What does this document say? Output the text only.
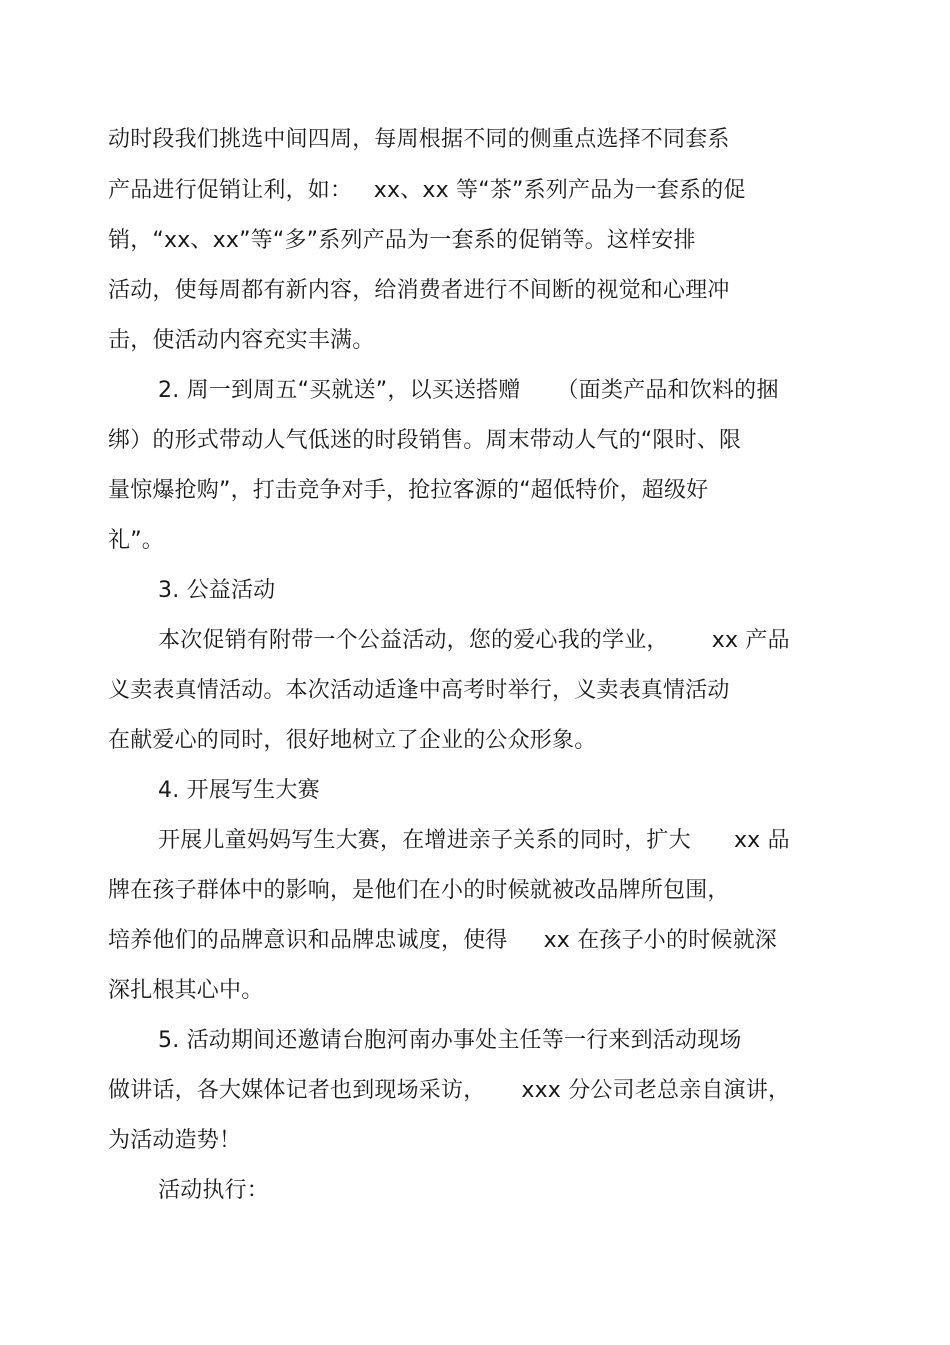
动时段我们挑选中间四周，每周根据不同的侧重点选择不同套系
产品进行促销让利，如：   xx、xx 等“茶”系列产品为一套系的促
销，“xx、xx”等“多”系列产品为一套系的促销等。这样安排
活动，使每周都有新内容，给消费者进行不间断的视觉和心理冲
击，使活动内容充实丰满。
2. 周一到周五“买就送”，以买送搭赠     （面类产品和饮料的捆
绑）的形式带动人气低迷的时段销售。周末带动人气的“限时、限
量惊爆抢购”，打击竞争对手，抢拉客源的“超低特价，超级好
礼”。
3. 公益活动
本次促销有附带一个公益活动，您的爱心我的学业，      xx 产品
义卖表真情活动。本次活动适逢中高考时举行，义卖表真情活动
在献爱心的同时，很好地树立了企业的公众形象。
4. 开展写生大赛
开展儿童妈妈写生大赛，在增进亲子关系的同时，扩大      xx 品
牌在孩子群体中的影响，是他们在小的时候就被改品牌所包围，
培养他们的品牌意识和品牌忠诚度，使得     xx 在孩子小的时候就深
深扎根其心中。
5. 活动期间还邀请台胞河南办事处主任等一行来到活动现场
做讲话，各大媒体记者也到现场采访，     xxx 分公司老总亲自演讲，
为活动造势！
活动执行：
